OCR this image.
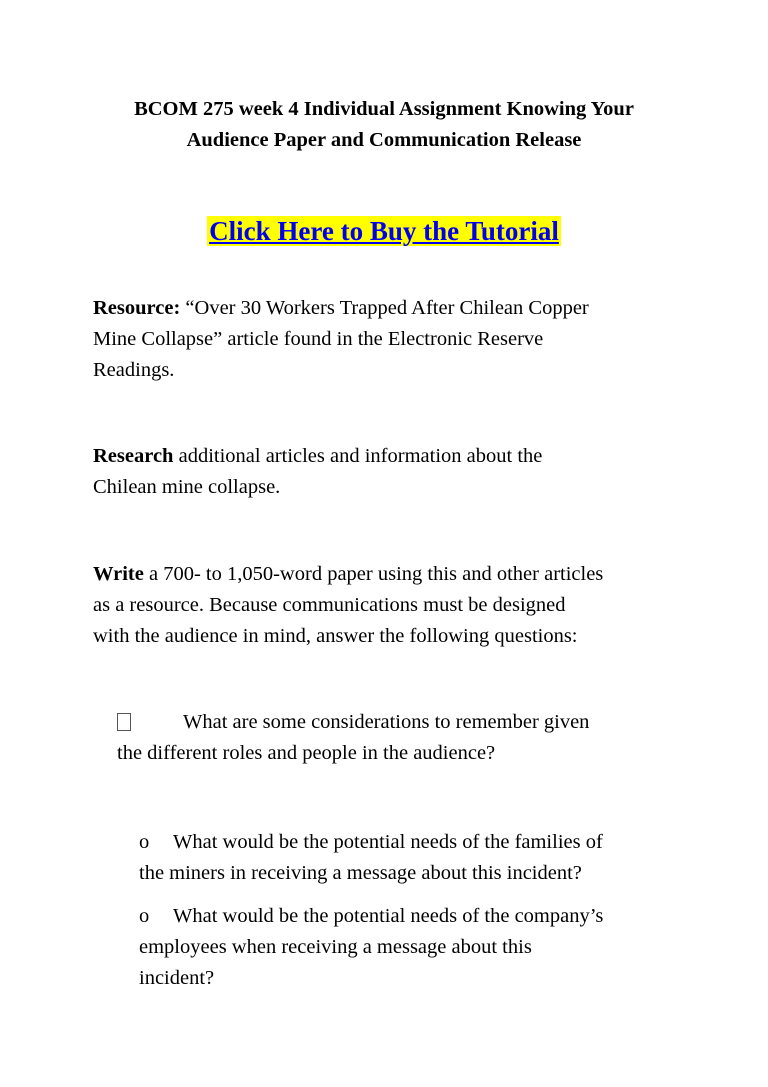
BCOM 275 week 4 Individual Assignment Knowing Your
Audience Paper and Communication Release
Click Here to Buy the Tutorial
Resource: “Over 30 Workers Trapped After Chilean Copper
Mine Collapse” article found in the Electronic Reserve
Readings.
Research additional articles and information about the
Chilean mine collapse.
Write a 700- to 1,050-word paper using this and other articles
as a resource. Because communications must be designed
with the audience in mind, answer the following questions:
What are some considerations to remember given
the different roles and people in the audience?
o What would be the potential needs of the families of
the miners in receiving a message about this incident?
o What would be the potential needs of the company’s
employees when receiving a message about this
incident?
